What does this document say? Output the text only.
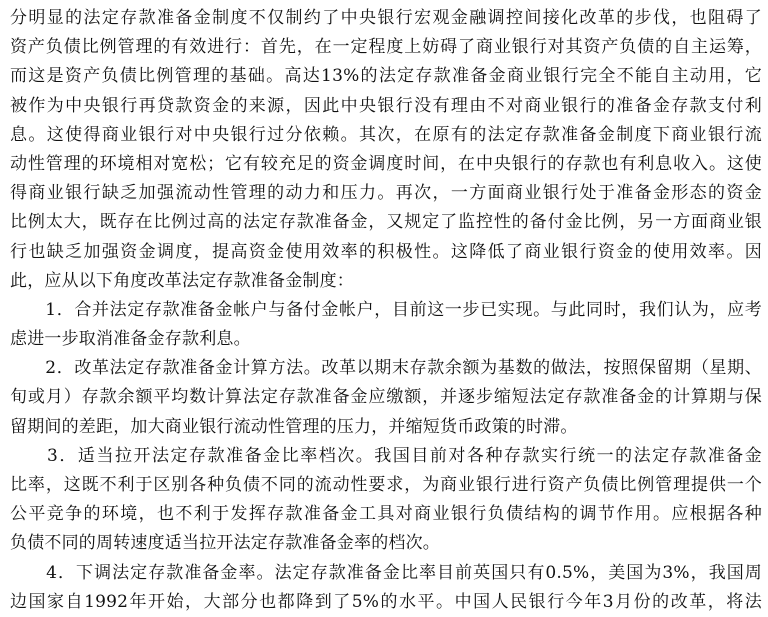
分明显的法定存款准备金制度不仅制约了中央银行宏观金融调控间接化改革的步伐，也阻碍了
资产负债比例管理的有效进行：首先，在一定程度上妨碍了商业银行对其资产负债的自主运筹，
而这是资产负债比例管理的基础。高达13%的法定存款准备金商业银行完全不能自主动用，它
被作为中央银行再贷款资金的来源，因此中央银行没有理由不对商业银行的准备金存款支付利
息。这使得商业银行对中央银行过分依赖。其次，在原有的法定存款准备金制度下商业银行流
动性管理的环境相对宽松；它有较充足的资金调度时间，在中央银行的存款也有利息收入。这使
得商业银行缺乏加强流动性管理的动力和压力。再次，一方面商业银行处于准备金形态的资金
比例太大，既存在比例过高的法定存款准备金，又规定了监控性的备付金比例，另一方面商业银
行也缺乏加强资金调度，提高资金使用效率的积极性。这降低了商业银行资金的使用效率。因
此，应从以下角度改革法定存款准备金制度：
　　1．合并法定存款准备金帐户与备付金帐户，目前这一步已实现。与此同时，我们认为，应考
虑进一步取消准备金存款利息。
　　2．改革法定存款准备金计算方法。改革以期末存款余额为基数的做法，按照保留期（星期、
旬或月）存款余额平均数计算法定存款准备金应缴额，并逐步缩短法定存款准备金的计算期与保
留期间的差距，加大商业银行流动性管理的压力，并缩短货币政策的时滞。
　　3．适当拉开法定存款准备金比率档次。我国目前对各种存款实行统一的法定存款准备金
比率，这既不利于区别各种负债不同的流动性要求，为商业银行进行资产负债比例管理提供一个
公平竞争的环境，也不利于发挥存款准备金工具对商业银行负债结构的调节作用。应根据各种
负债不同的周转速度适当拉开法定存款准备金率的档次。
　　4．下调法定存款准备金率。法定存款准备金比率目前英国只有0.5%，美国为3%，我国周
边国家自1992年开始，大部分也都降到了5%的水平。中国人民银行今年3月份的改革，将法
